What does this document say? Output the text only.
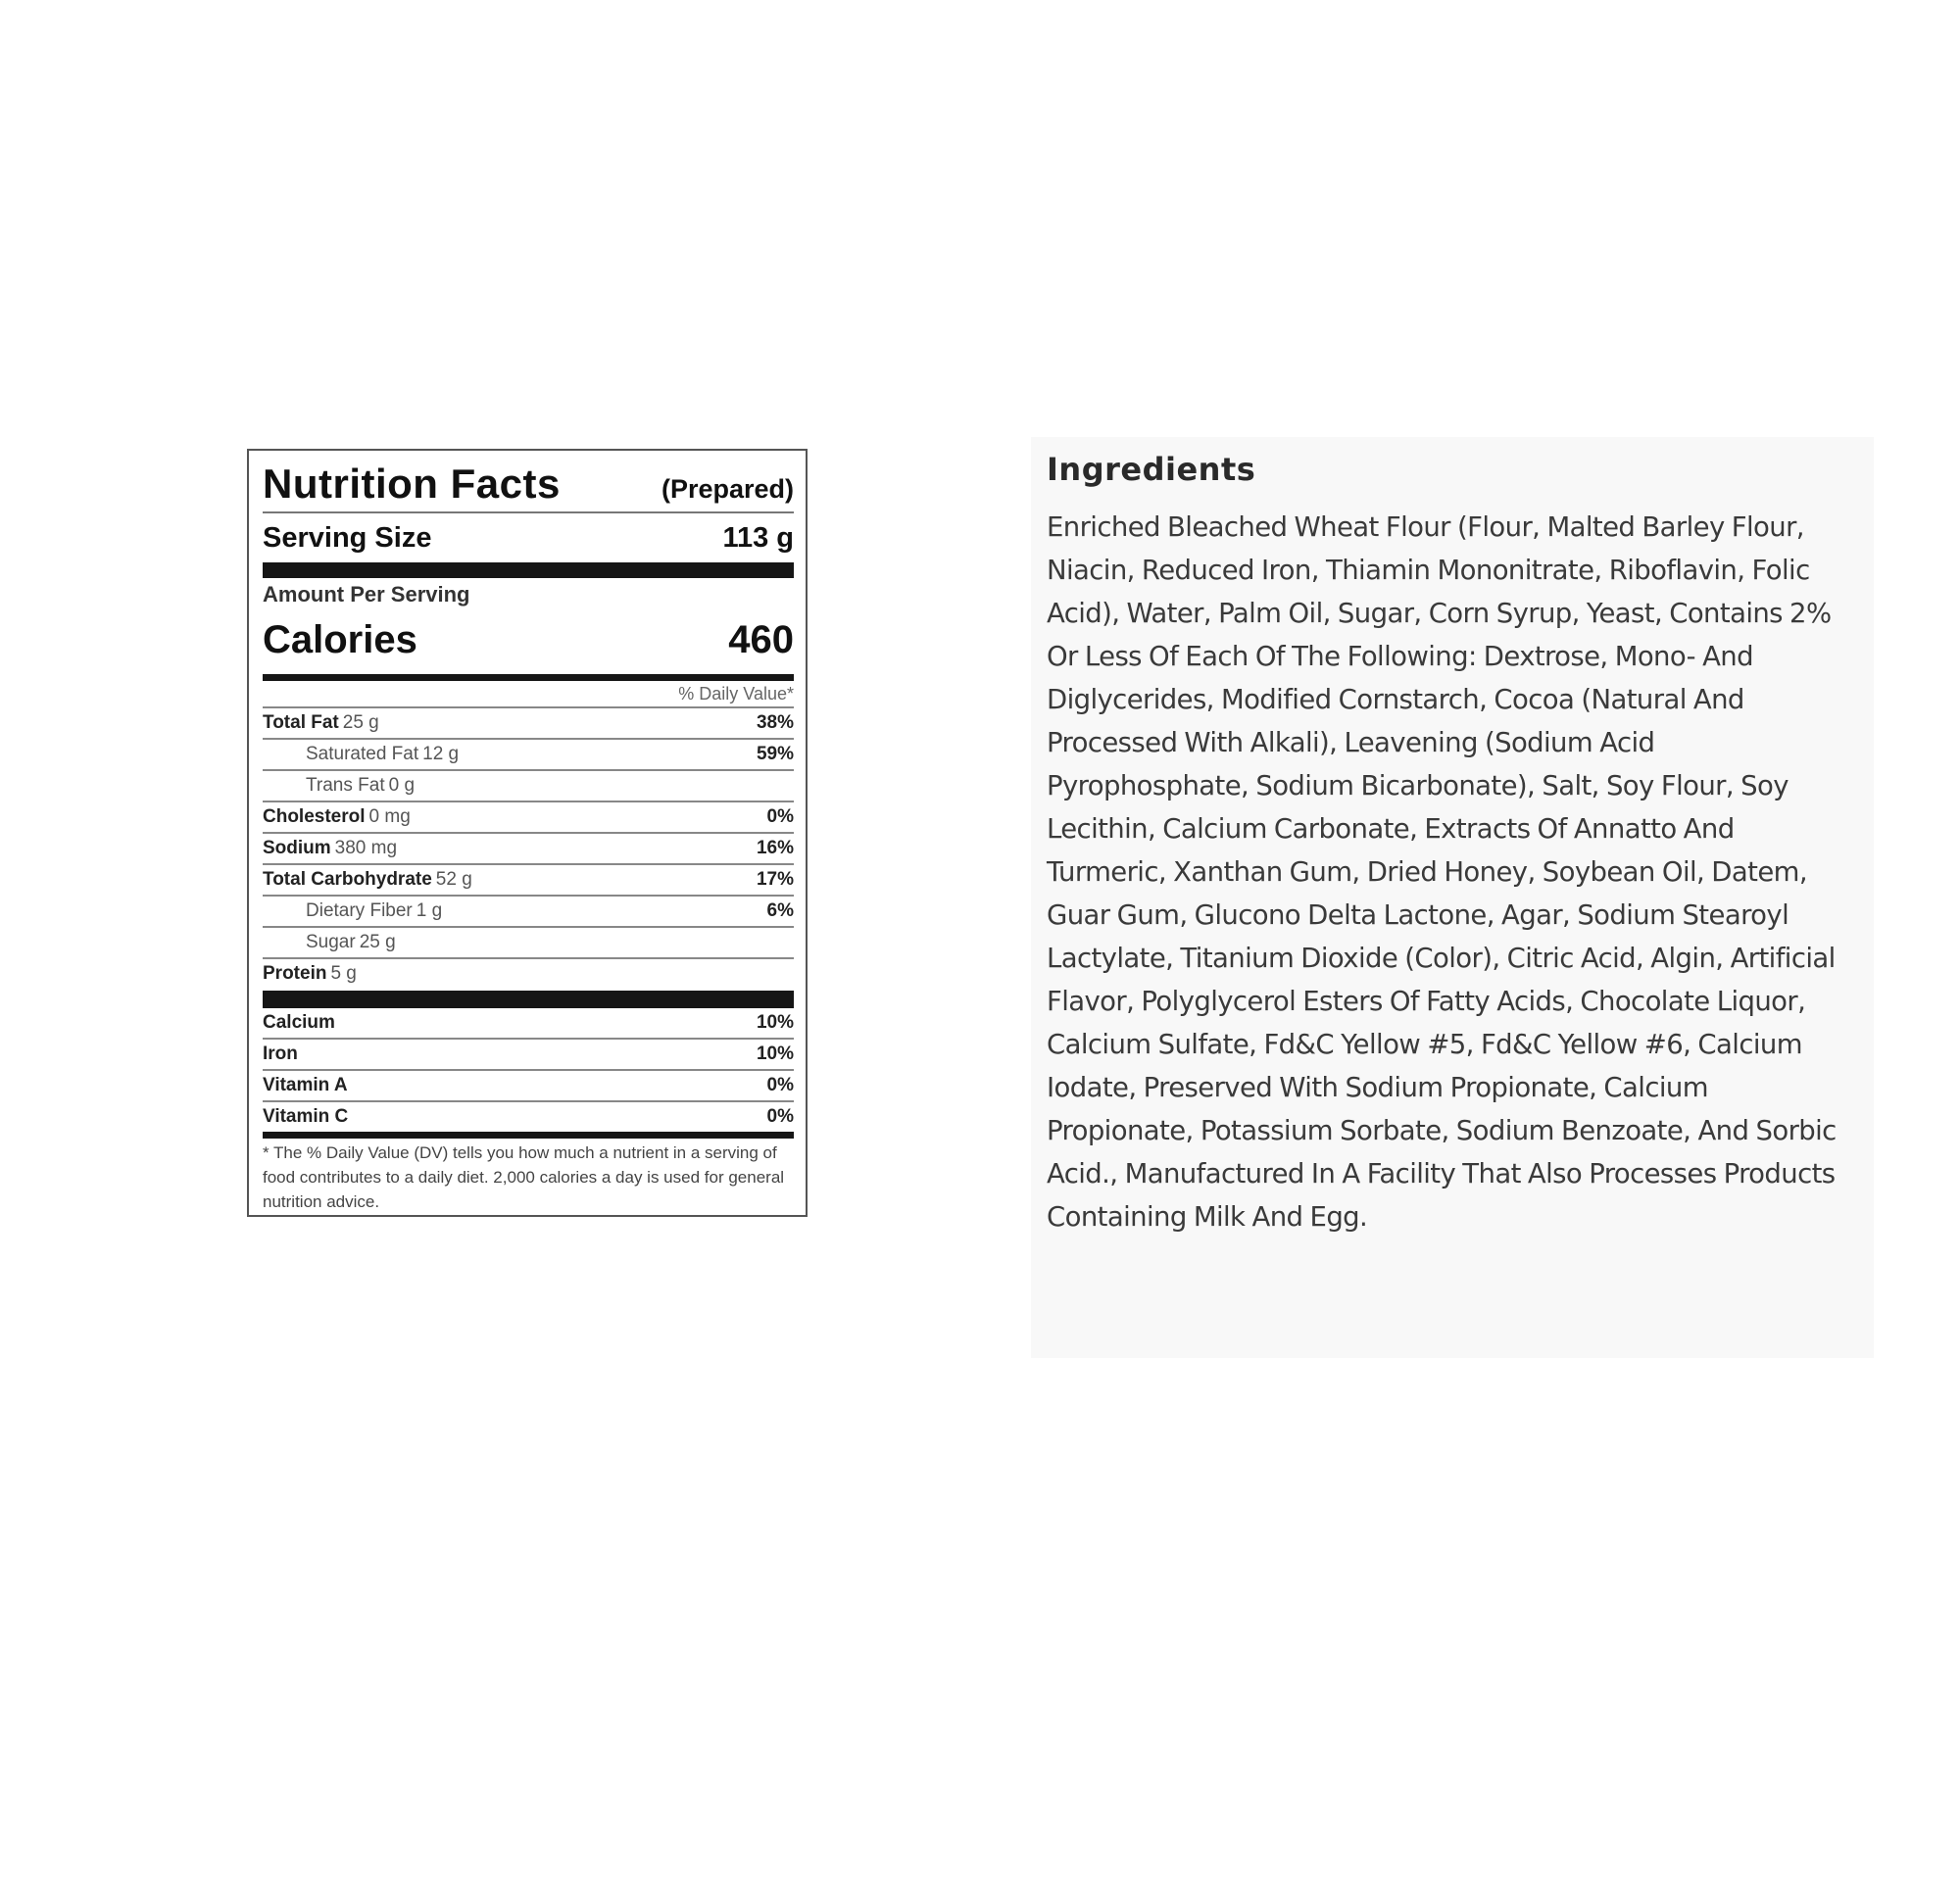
Nutrition Facts	(Prepared)
Serving Size	113 g
Amount Per Serving
Calories	460
% Daily Value*
Total Fat 25 g	38%
Saturated Fat 12 g	59%
Trans Fat 0 g
Cholesterol 0 mg	0%
Sodium 380 mg	16%
Total Carbohydrate 52 g	17%
Dietary Fiber 1 g	6%
Sugar 25 g
Protein 5 g
Calcium	10%
Iron	10%
Vitamin A	0%
Vitamin C	0%
* The % Daily Value (DV) tells you how much a nutrient in a serving of food contributes to a daily diet. 2,000 calories a day is used for general nutrition advice.
Ingredients

Enriched Bleached Wheat Flour (Flour, Malted Barley Flour, Niacin, Reduced Iron, Thiamin Mononitrate, Riboflavin, Folic Acid), Water, Palm Oil, Sugar, Corn Syrup, Yeast, Contains 2% Or Less Of Each Of The Following: Dextrose, Mono- And Diglycerides, Modified Cornstarch, Cocoa (Natural And Processed With Alkali), Leavening (Sodium Acid Pyrophosphate, Sodium Bicarbonate), Salt, Soy Flour, Soy Lecithin, Calcium Carbonate, Extracts Of Annatto And Turmeric, Xanthan Gum, Dried Honey, Soybean Oil, Datem, Guar Gum, Glucono Delta Lactone, Agar, Sodium Stearoyl Lactylate, Titanium Dioxide (Color), Citric Acid, Algin, Artificial Flavor, Polyglycerol Esters Of Fatty Acids, Chocolate Liquor, Calcium Sulfate, Fd&C Yellow #5, Fd&C Yellow #6, Calcium Iodate, Preserved With Sodium Propionate, Calcium Propionate, Potassium Sorbate, Sodium Benzoate, And Sorbic Acid., Manufactured In A Facility That Also Processes Products Containing Milk And Egg.
